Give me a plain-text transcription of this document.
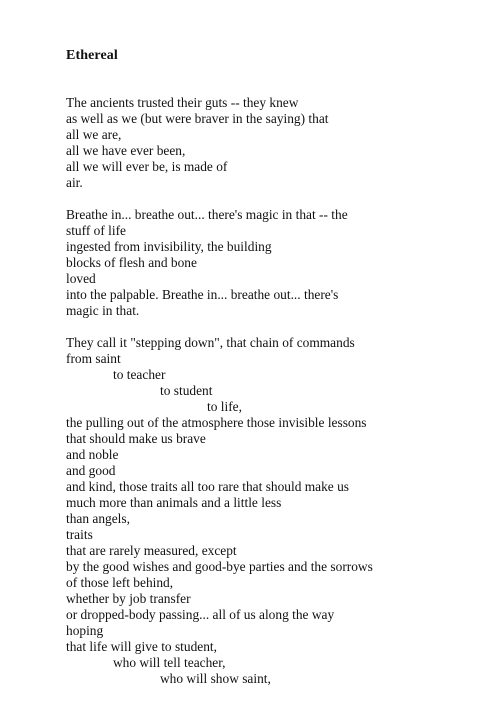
Ethereal
The ancients trusted their guts -- they knew
as well as we (but were braver in the saying) that
all we are,
all we have ever been,
all we will ever be, is made of
air.
Breathe in... breathe out... there's magic in that -- the
stuff of life
ingested from invisibility, the building
blocks of flesh and bone
loved
into the palpable. Breathe in... breathe out... there's
magic in that.
They call it "stepping down", that chain of commands
from saint
to teacher
to student
to life,
the pulling out of the atmosphere those invisible lessons
that should make us brave
and noble
and good
and kind, those traits all too rare that should make us
much more than animals and a little less
than angels,
traits
that are rarely measured, except
by the good wishes and good-bye parties and the sorrows
of those left behind,
whether by job transfer
or dropped-body passing... all of us along the way
hoping
that life will give to student,
who will tell teacher,
who will show saint,
